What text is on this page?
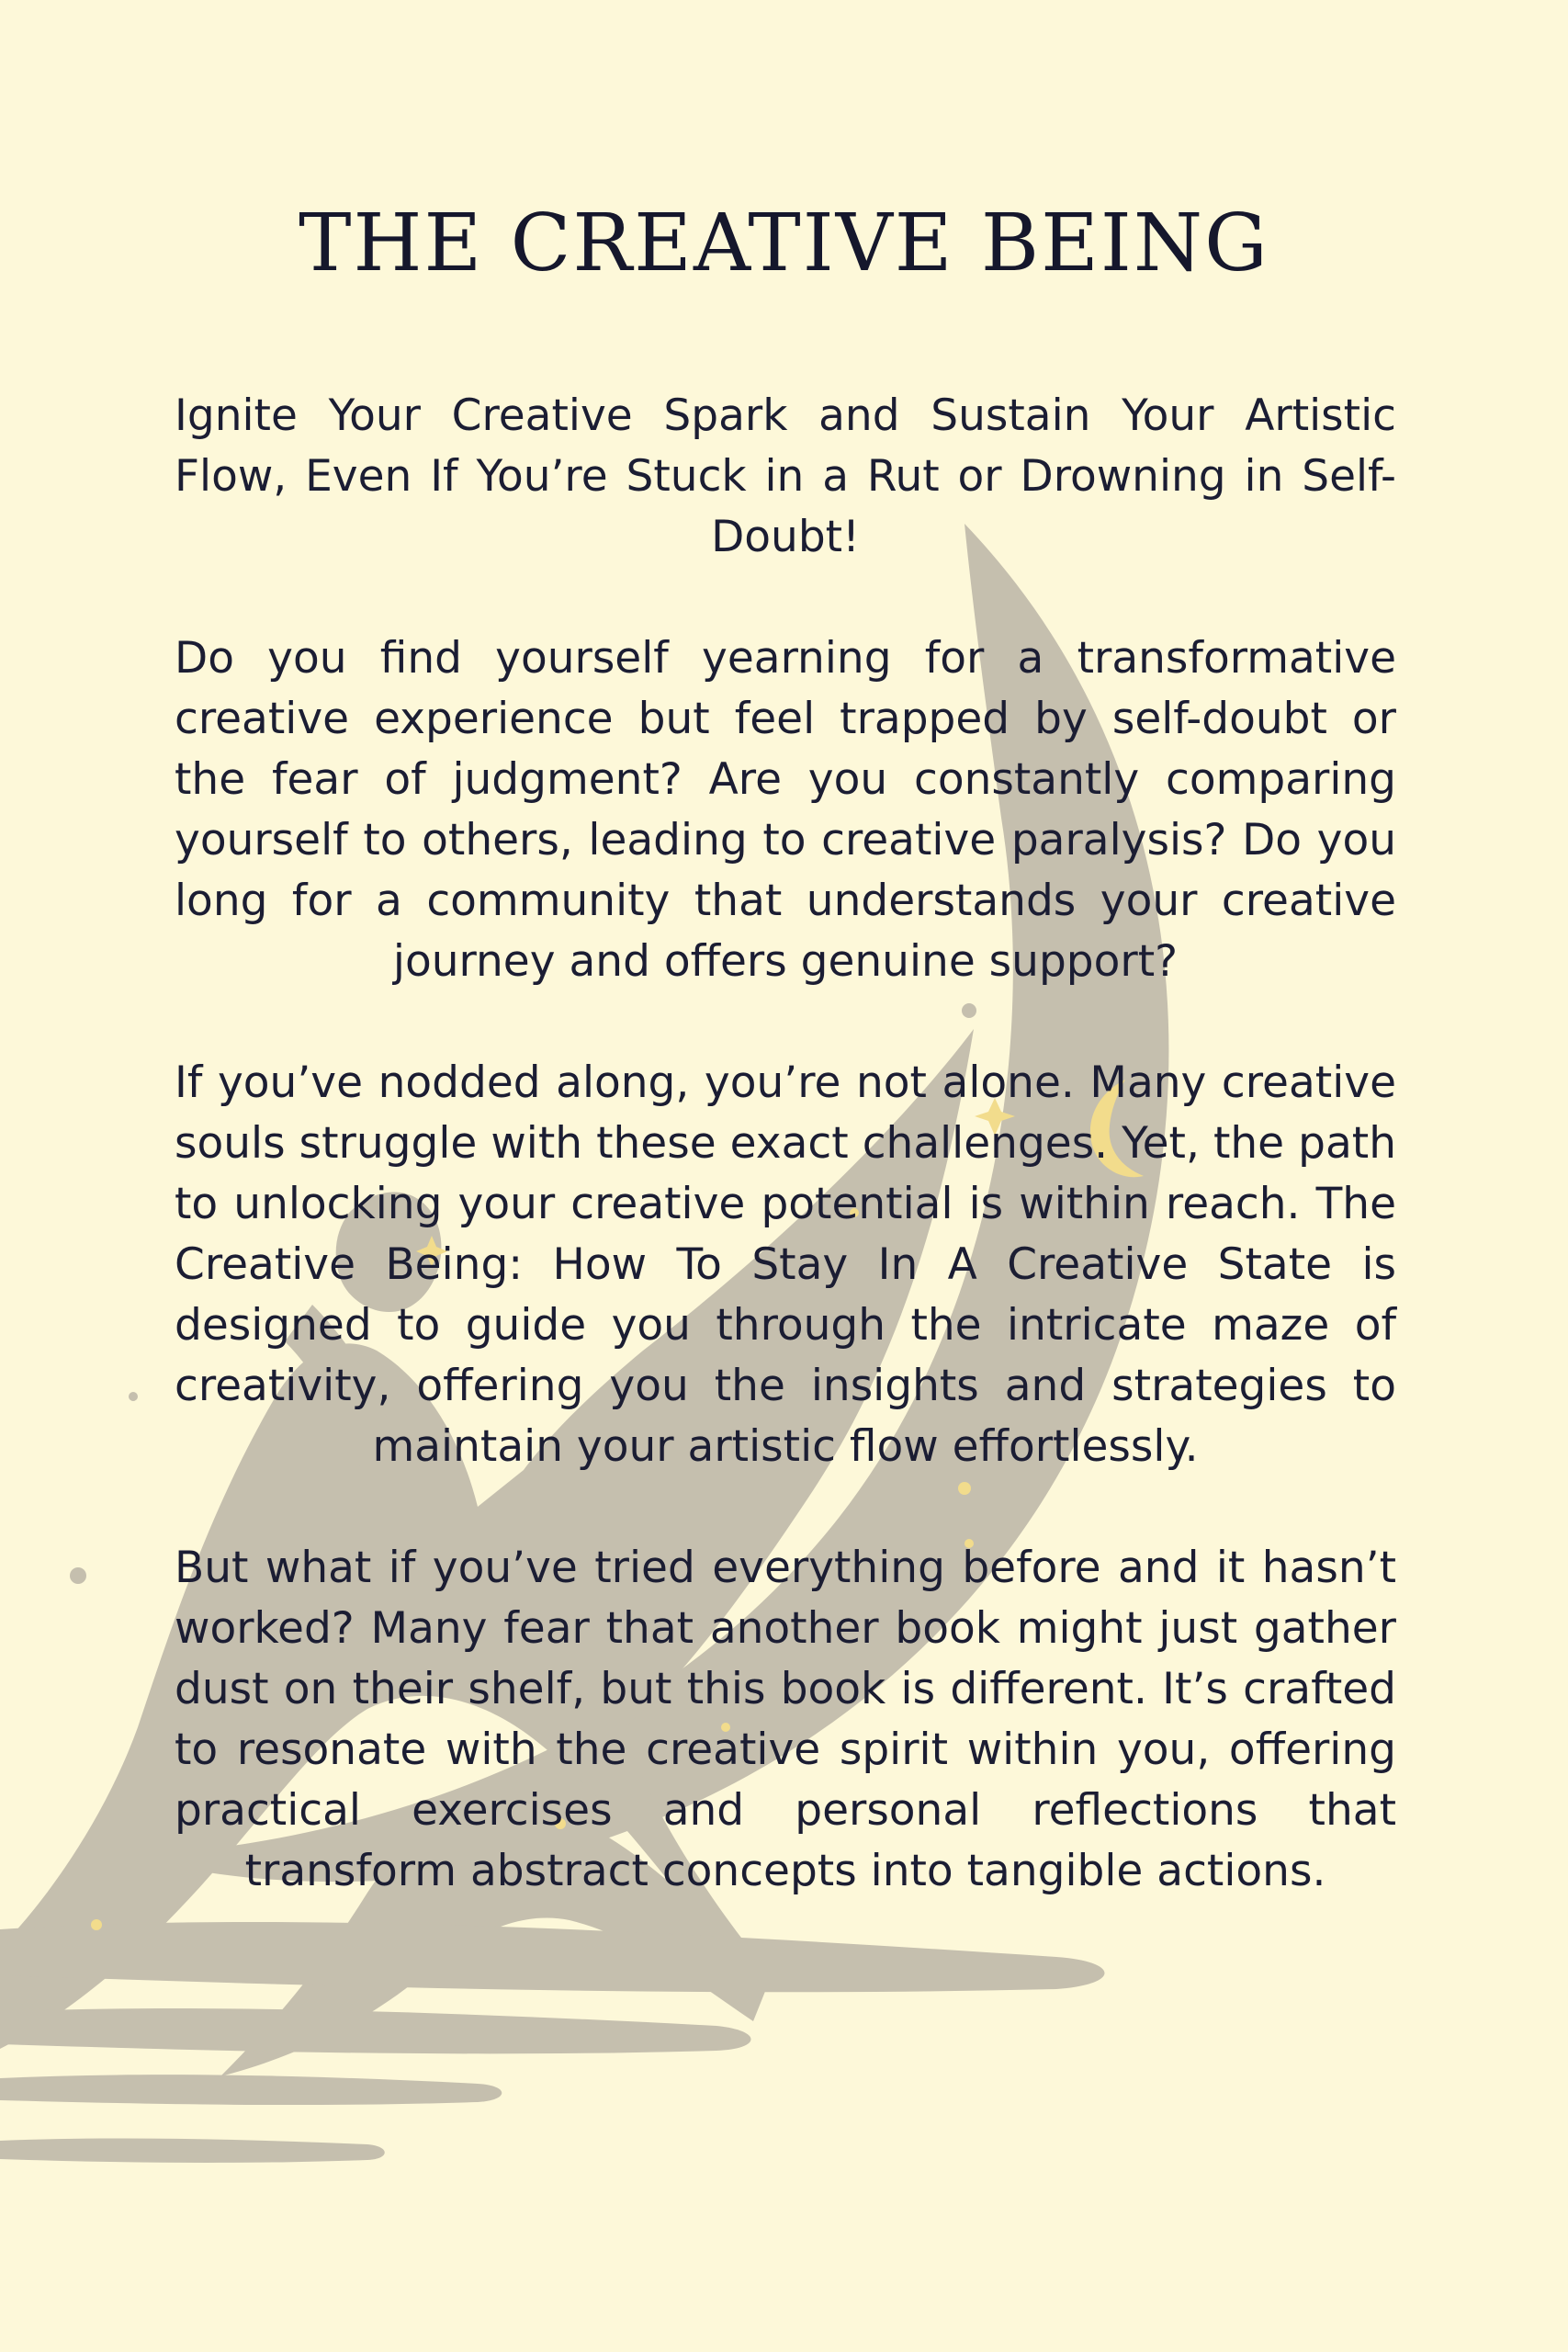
THE CREATIVE BEING

Ignite Your Creative Spark and Sustain Your Artistic Flow, Even If You’re Stuck in a Rut or Drowning in Self-Doubt!

Do you find yourself yearning for a transformative creative experience but feel trapped by self-doubt or the fear of judgment? Are you constantly comparing yourself to others, leading to creative paralysis? Do you long for a community that understands your creative journey and offers genuine support?

If you’ve nodded along, you’re not alone. Many creative souls struggle with these exact challenges. Yet, the path to unlocking your creative potential is within reach. The Creative Being: How To Stay In A Creative State is designed to guide you through the intricate maze of creativity, offering you the insights and strategies to maintain your artistic flow effortlessly.

But what if you’ve tried everything before and it hasn’t worked? Many fear that another book might just gather dust on their shelf, but this book is different. It’s crafted to resonate with the creative spirit within you, offering practical exercises and personal reflections that transform abstract concepts into tangible actions.
